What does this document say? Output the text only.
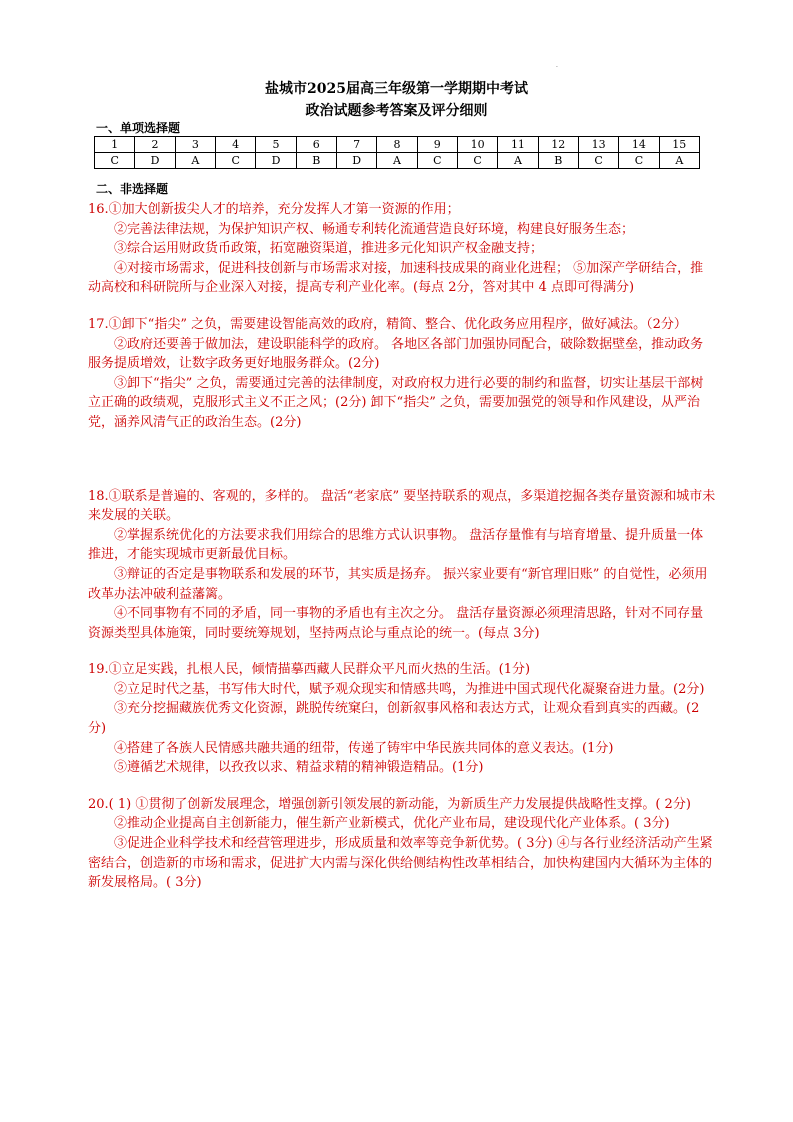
·
盐城市2025届高三年级第一学期期中考试
政治试题参考答案及评分细则
一、单项选择题
1	2	3	4	5	6	7	8	9	10	11	12	13	14	15
C	D	A	C	D	B	D	A	C	C	A	B	C	C	A
二、非选择题

16.①加大创新拔尖人才的培养，充分发挥人才第一资源的作用；

②完善法律法规，为保护知识产权、畅通专利转化流通营造良好环境，构建良好服务生态；

③综合运用财政货币政策，拓宽融资渠道，推进多元化知识产权金融支持；

④对接市场需求，促进科技创新与市场需求对接，加速科技成果的商业化进程； ⑤加深产学研结合，推动高校和科研院所与企业深入对接，提高专利产业化率。(每点 2分，答对其中 4 点即可得满分)

17.①卸下“指尖” 之负，需要建设智能高效的政府，精简、整合、优化政务应用程序，做好减法。（2分）

②政府还要善于做加法，建设职能科学的政府。 各地区各部门加强协同配合，破除数据壁垒，推动政务服务提质增效，让数字政务更好地服务群众。(2分)

③卸下“指尖” 之负，需要通过完善的法律制度，对政府权力进行必要的制约和监督，切实让基层干部树立正确的政绩观，克服形式主义不正之风；(2分) 卸下“指尖” 之负，需要加强党的领导和作风建设，从严治党，涵养风清气正的政治生态。(2分)

18.①联系是普遍的、客观的，多样的。 盘活“老家底” 要坚持联系的观点，多渠道挖掘各类存量资源和城市未来发展的关联。

②掌握系统优化的方法要求我们用综合的思维方式认识事物。 盘活存量惟有与培育增量、提升质量一体推进，才能实现城市更新最优目标。

③辩证的否定是事物联系和发展的环节，其实质是扬弃。 振兴家业要有“新官理旧账” 的自觉性，必须用改革办法冲破利益藩篱。

④不同事物有不同的矛盾，同一事物的矛盾也有主次之分。 盘活存量资源必须理清思路，针对不同存量资源类型具体施策，同时要统筹规划，坚持两点论与重点论的统一。(每点 3分)

19.①立足实践，扎根人民，倾情描摹西藏人民群众平凡而火热的生活。(1分)

②立足时代之基，书写伟大时代，赋予观众现实和情感共鸣，为推进中国式现代化凝聚奋进力量。(2分)

③充分挖掘藏族优秀文化资源，跳脱传统窠臼，创新叙事风格和表达方式，让观众看到真实的西藏。(2分)

④搭建了各族人民情感共融共通的纽带，传递了铸牢中华民族共同体的意义表达。(1分)

⑤遵循艺术规律，以孜孜以求、精益求精的精神锻造精品。(1分)

20.( 1) ①贯彻了创新发展理念，增强创新引领发展的新动能，为新质生产力发展提供战略性支撑。( 2分)

②推动企业提高自主创新能力，催生新产业新模式，优化产业布局，建设现代化产业体系。( 3分)

③促进企业科学技术和经营管理进步，形成质量和效率等竞争新优势。( 3分) ④与各行业经济活动产生紧密结合，创造新的市场和需求，促进扩大内需与深化供给侧结构性改革相结合，加快构建国内大循环为主体的新发展格局。( 3分)
